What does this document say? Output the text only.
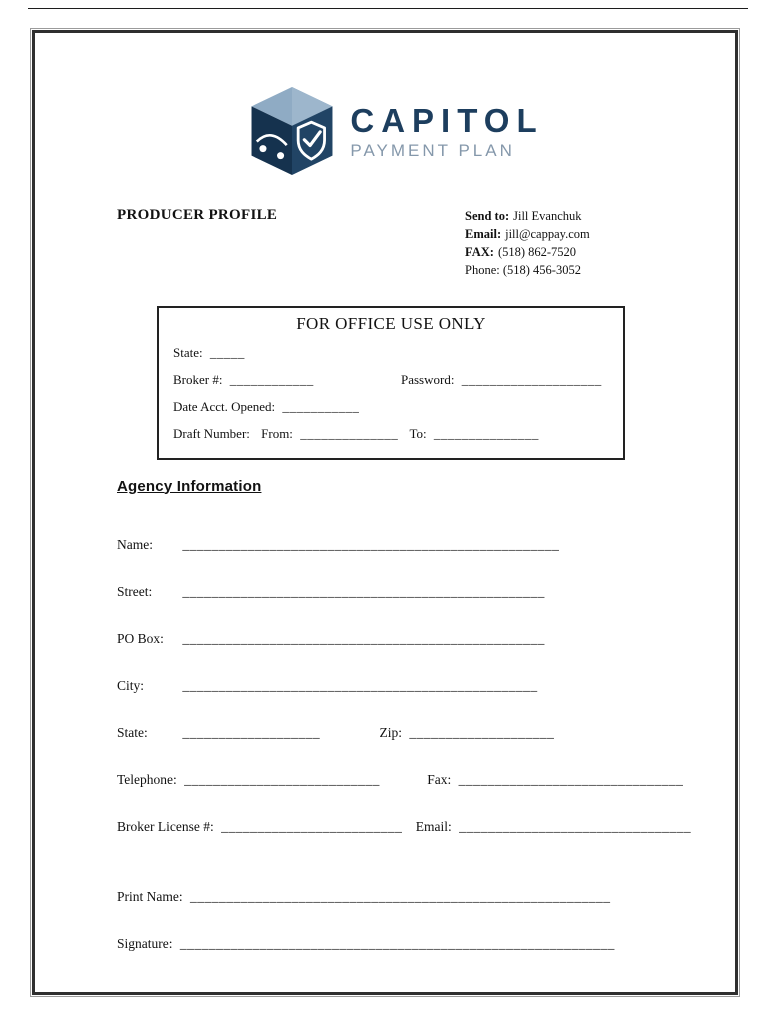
CAPITOL
PAYMENT PLAN
PRODUCER PROFILE	Send to: Jill Evanchuk
Email: jill@cappay.com
FAX: (518) 862-7520
Phone: (518) 456-3052
FOR OFFICE USE ONLY
State: _____
Broker #: ____________	Password: ____________________
Date Acct. Opened: ___________
Draft Number: From: ______________ To: _______________
Agency Information
Name: ____________________________________________________
Street: __________________________________________________
PO Box: __________________________________________________
City:	_________________________________________________
State:	___________________	Zip: ____________________
Telephone: ___________________________	Fax: _______________________________
Broker License #: _________________________ Email: ________________________________
Print Name: __________________________________________________________
Signature: ____________________________________________________________
